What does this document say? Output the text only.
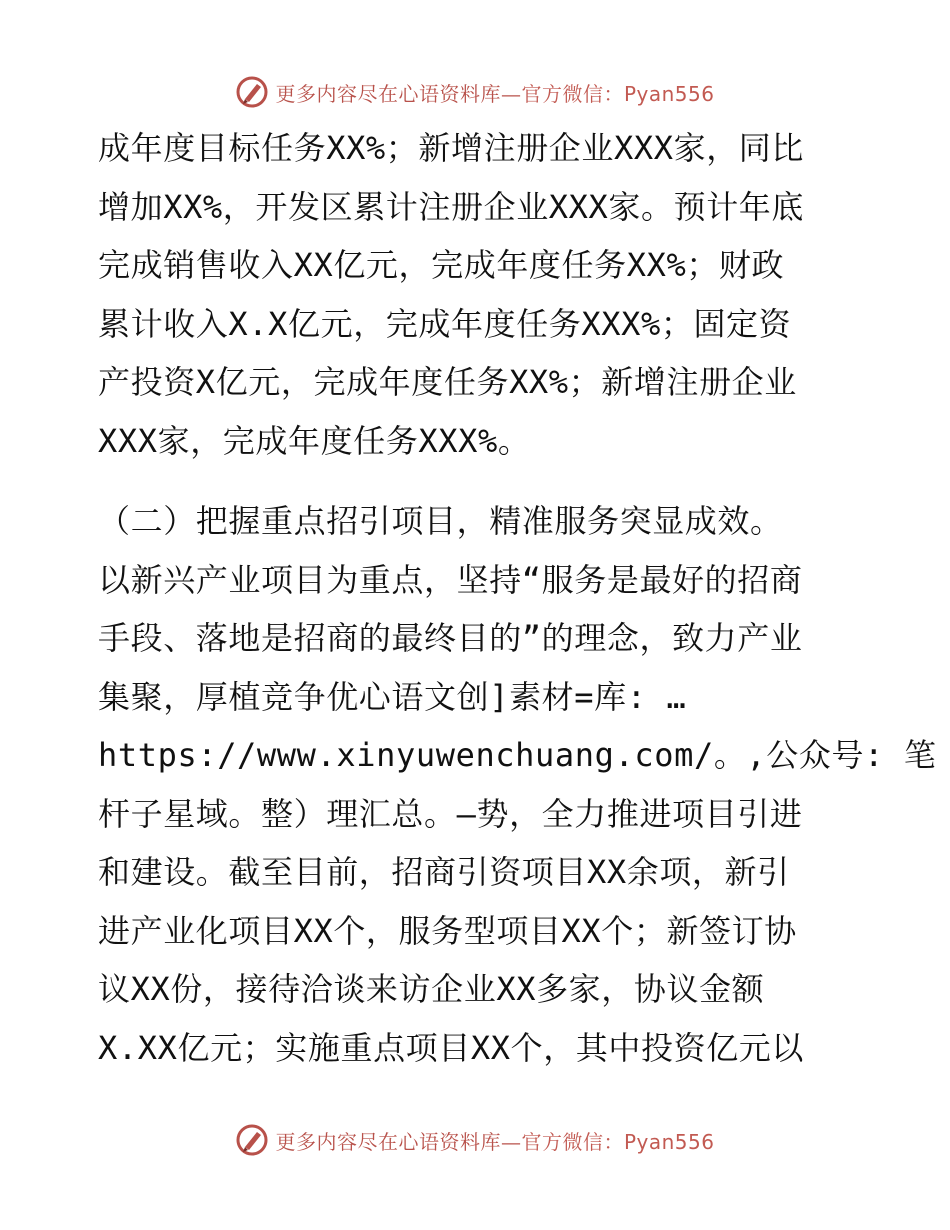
更多内容尽在心语资料库—官方微信：Pyan556
成年度目标任务XX%；新增注册企业XXX家，同比
增加XX%，开发区累计注册企业XXX家。预计年底
完成销售收入XX亿元，完成年度任务XX%；财政
累计收入X.X亿元，完成年度任务XXX%；固定资
产投资X亿元，完成年度任务XX%；新增注册企业
XXX家，完成年度任务XXX%。
（二）把握重点招引项目，精准服务突显成效。
以新兴产业项目为重点，坚持“服务是最好的招商
手段、落地是招商的最终目的”的理念，致力产业
集聚，厚植竞争优心语文创]素材=库: …
https://www.xinyuwenchuang.com/。,公众号: 笔
杆子星域。整）理汇总。—势，全力推进项目引进
和建设。截至目前，招商引资项目XX余项，新引
进产业化项目XX个，服务型项目XX个；新签订协
议XX份，接待洽谈来访企业XX多家，协议金额
X.XX亿元；实施重点项目XX个，其中投资亿元以
更多内容尽在心语资料库—官方微信：Pyan556
